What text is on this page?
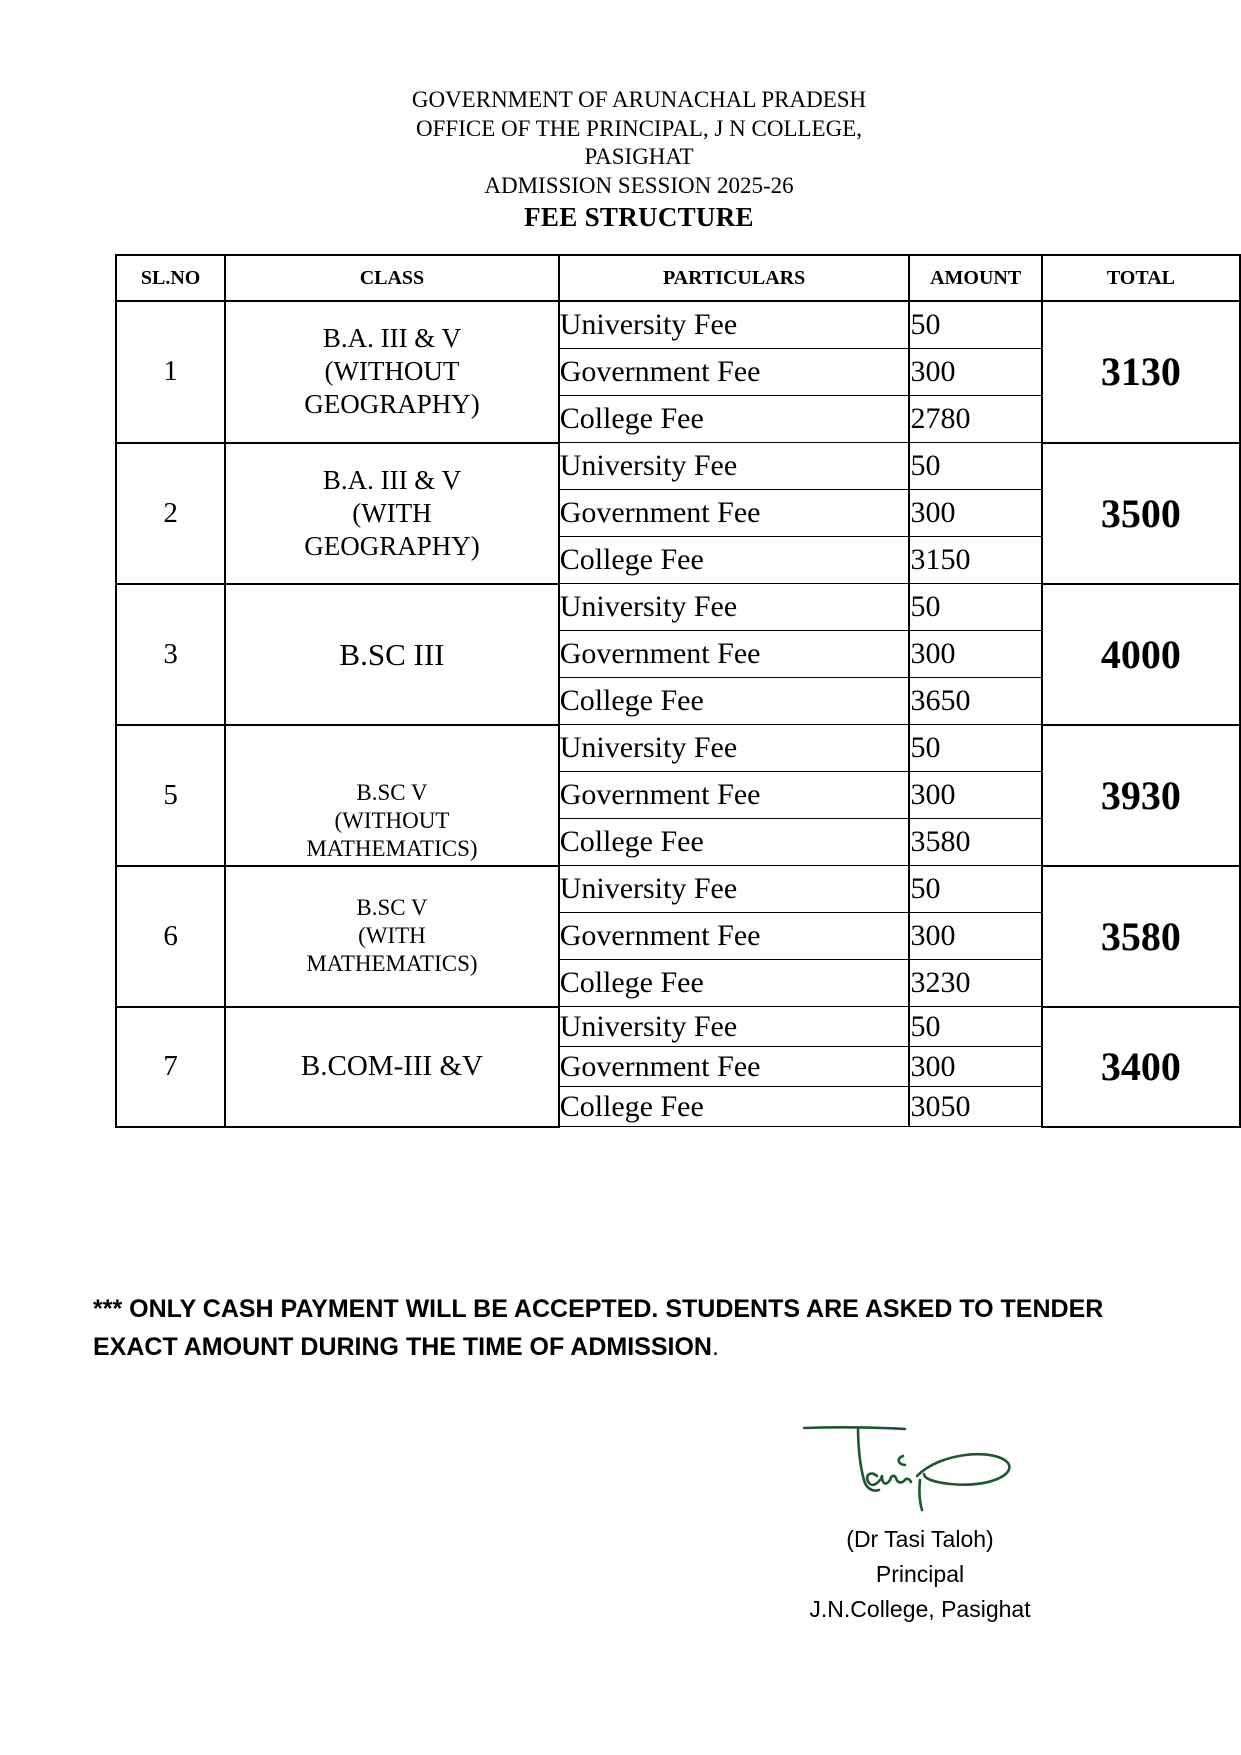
GOVERNMENT OF ARUNACHAL PRADESH
OFFICE OF THE PRINCIPAL, J N COLLEGE,
PASIGHAT
ADMISSION SESSION 2025-26
FEE STRUCTURE
SL.NO	CLASS	PARTICULARS	AMOUNT	TOTAL
1	B.A. III & V
(WITHOUT
GEOGRAPHY)	University Fee	50	3130
		Government Fee	300	
		College Fee	2780	
2	B.A. III & V
(WITH
GEOGRAPHY)	University Fee	50	3500
		Government Fee	300	
		College Fee	3150	
3	B.SC III	University Fee	50	4000
		Government Fee	300	
		College Fee	3650	
5	B.SC V
(WITHOUT
MATHEMATICS)	University Fee	50	3930
		Government Fee	300	
		College Fee	3580	
6	B.SC V
(WITH
MATHEMATICS)	University Fee	50	3580
		Government Fee	300	
		College Fee	3230	
7	B.COM-III &V	University Fee	50	3400
		Government Fee	300	
		College Fee	3050	
*** ONLY CASH PAYMENT WILL BE ACCEPTED. STUDENTS ARE ASKED TO TENDER
EXACT AMOUNT DURING THE TIME OF ADMISSION.
(Dr Tasi Taloh)
Principal
J.N.College, Pasighat
